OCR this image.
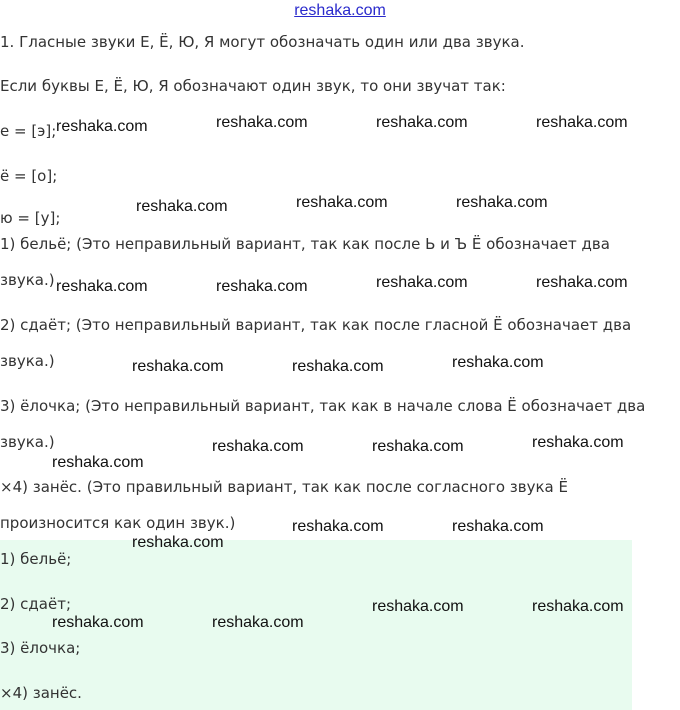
reshaka.com
1. Гласные звуки Е, Ё, Ю, Я могут обозначать один или два звука.
Если буквы Е, Ё, Ю, Я обозначают один звук, то они звучат так:
е = [э];
ё = [о];
ю = [у];
1) бельё; (Это неправильный вариант, так как после Ь и Ъ Ё обозначает два
звука.)
2) сдаёт; (Это неправильный вариант, так как после гласной Ё обозначает два
звука.)
3) ёлочка; (Это неправильный вариант, так как в начале слова Ё обозначает два
звука.)
×4) занёс. (Это правильный вариант, так как после согласного звука Ё
произносится как один звук.)
1) бельё;
2) сдаёт;
3) ёлочка;
×4) занёс.
reshaka.com	reshaka.com	reshaka.com	reshaka.com
reshaka.com	reshaka.com	reshaka.com
reshaka.com	reshaka.com	reshaka.com	reshaka.com
reshaka.com	reshaka.com	reshaka.com
reshaka.com	reshaka.com	reshaka.com
reshaka.com
reshaka.com	reshaka.com
reshaka.com
reshaka.com	reshaka.com
reshaka.com	reshaka.com
